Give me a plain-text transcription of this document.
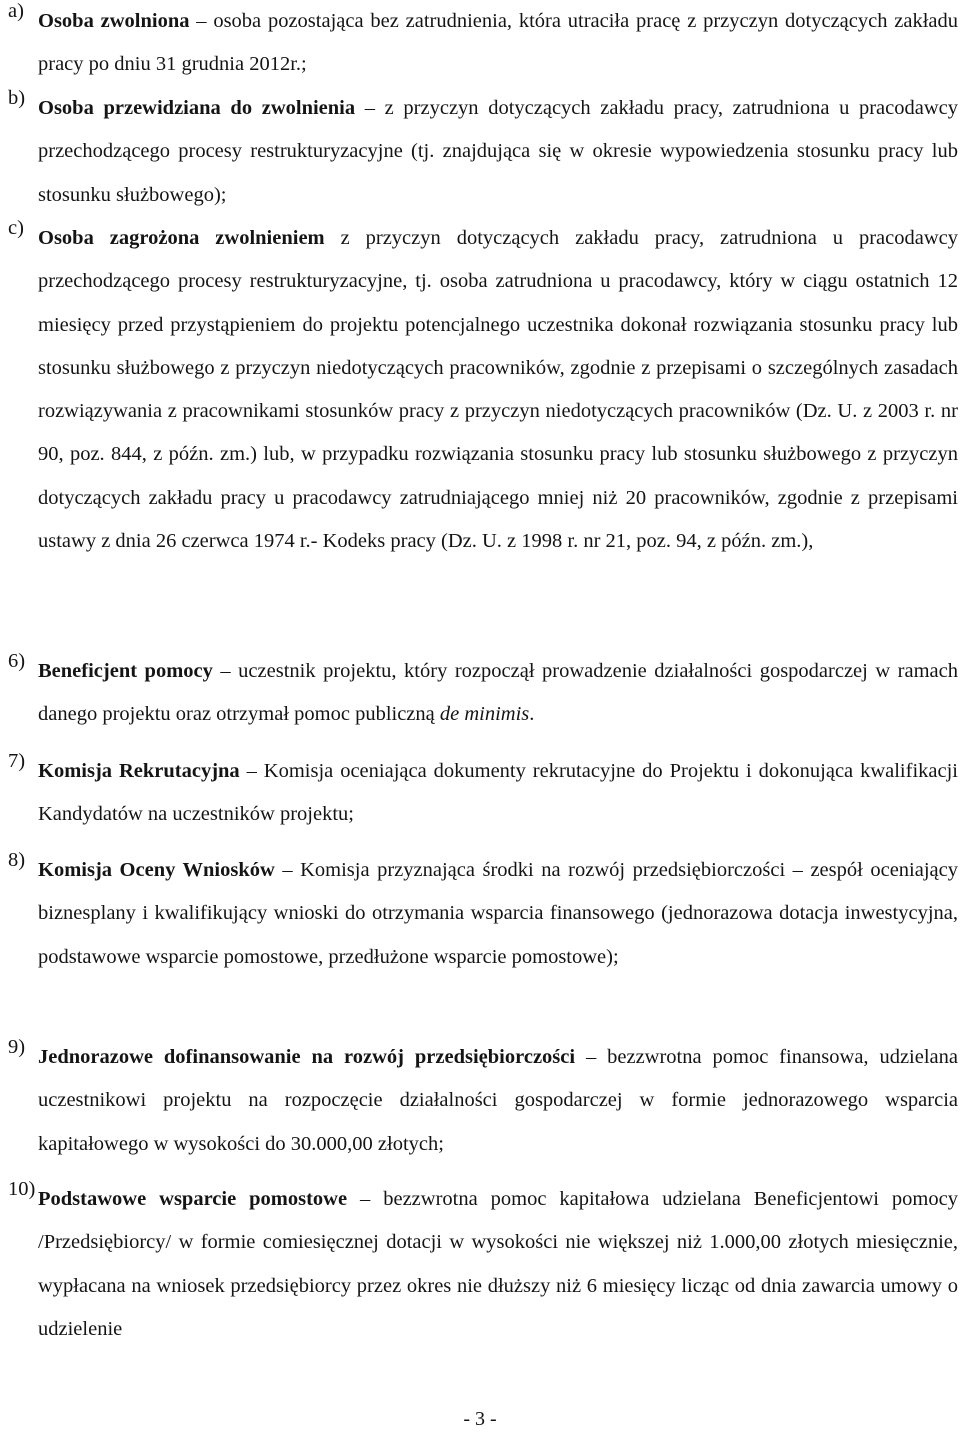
a) Osoba zwolniona – osoba pozostająca bez zatrudnienia, która utraciła pracę z przyczyn dotyczących zakładu pracy po dniu 31 grudnia 2012r.;
b) Osoba przewidziana do zwolnienia – z przyczyn dotyczących zakładu pracy, zatrudniona u pracodawcy przechodzącego procesy restrukturyzacyjne (tj. znajdująca się w okresie wypowiedzenia stosunku pracy lub stosunku służbowego);
c) Osoba zagrożona zwolnieniem z przyczyn dotyczących zakładu pracy, zatrudniona u pracodawcy przechodzącego procesy restrukturyzacyjne, tj. osoba zatrudniona u pracodawcy, który w ciągu ostatnich 12 miesięcy przed przystąpieniem do projektu potencjalnego uczestnika dokonał rozwiązania stosunku pracy lub stosunku służbowego z przyczyn niedotyczących pracowników, zgodnie z przepisami o szczególnych zasadach rozwiązywania z pracownikami stosunków pracy z przyczyn niedotyczących pracowników (Dz. U. z 2003 r. nr 90, poz. 844, z późn. zm.) lub, w przypadku rozwiązania stosunku pracy lub stosunku służbowego z przyczyn dotyczących zakładu pracy u pracodawcy zatrudniającego mniej niż 20 pracowników, zgodnie z przepisami ustawy z dnia 26 czerwca 1974 r.- Kodeks pracy (Dz. U. z 1998 r. nr 21, poz. 94, z późn. zm.),
6) Beneficjent pomocy – uczestnik projektu, który rozpoczął prowadzenie działalności gospodarczej w ramach danego projektu oraz otrzymał pomoc publiczną de minimis.
7) Komisja Rekrutacyjna – Komisja oceniająca dokumenty rekrutacyjne do Projektu i dokonująca kwalifikacji Kandydatów na uczestników projektu;
8) Komisja Oceny Wniosków – Komisja przyznająca środki na rozwój przedsiębiorczości – zespół oceniający biznesplany i kwalifikujący wnioski do otrzymania wsparcia finansowego (jednorazowa dotacja inwestycyjna, podstawowe wsparcie pomostowe, przedłużone wsparcie pomostowe);
9) Jednorazowe dofinansowanie na rozwój przedsiębiorczości – bezzwrotna pomoc finansowa, udzielana uczestnikowi projektu na rozpoczęcie działalności gospodarczej w formie jednorazowego wsparcia kapitałowego w wysokości do 30.000,00 złotych;
10) Podstawowe wsparcie pomostowe – bezzwrotna pomoc kapitałowa udzielana Beneficjentowi pomocy /Przedsiębiorcy/ w formie comiesięcznej dotacji w wysokości nie większej niż 1.000,00 złotych miesięcznie, wypłacana na wniosek przedsiębiorcy przez okres nie dłuższy niż 6 miesięcy licząc od dnia zawarcia umowy o udzielenie
- 3 -
